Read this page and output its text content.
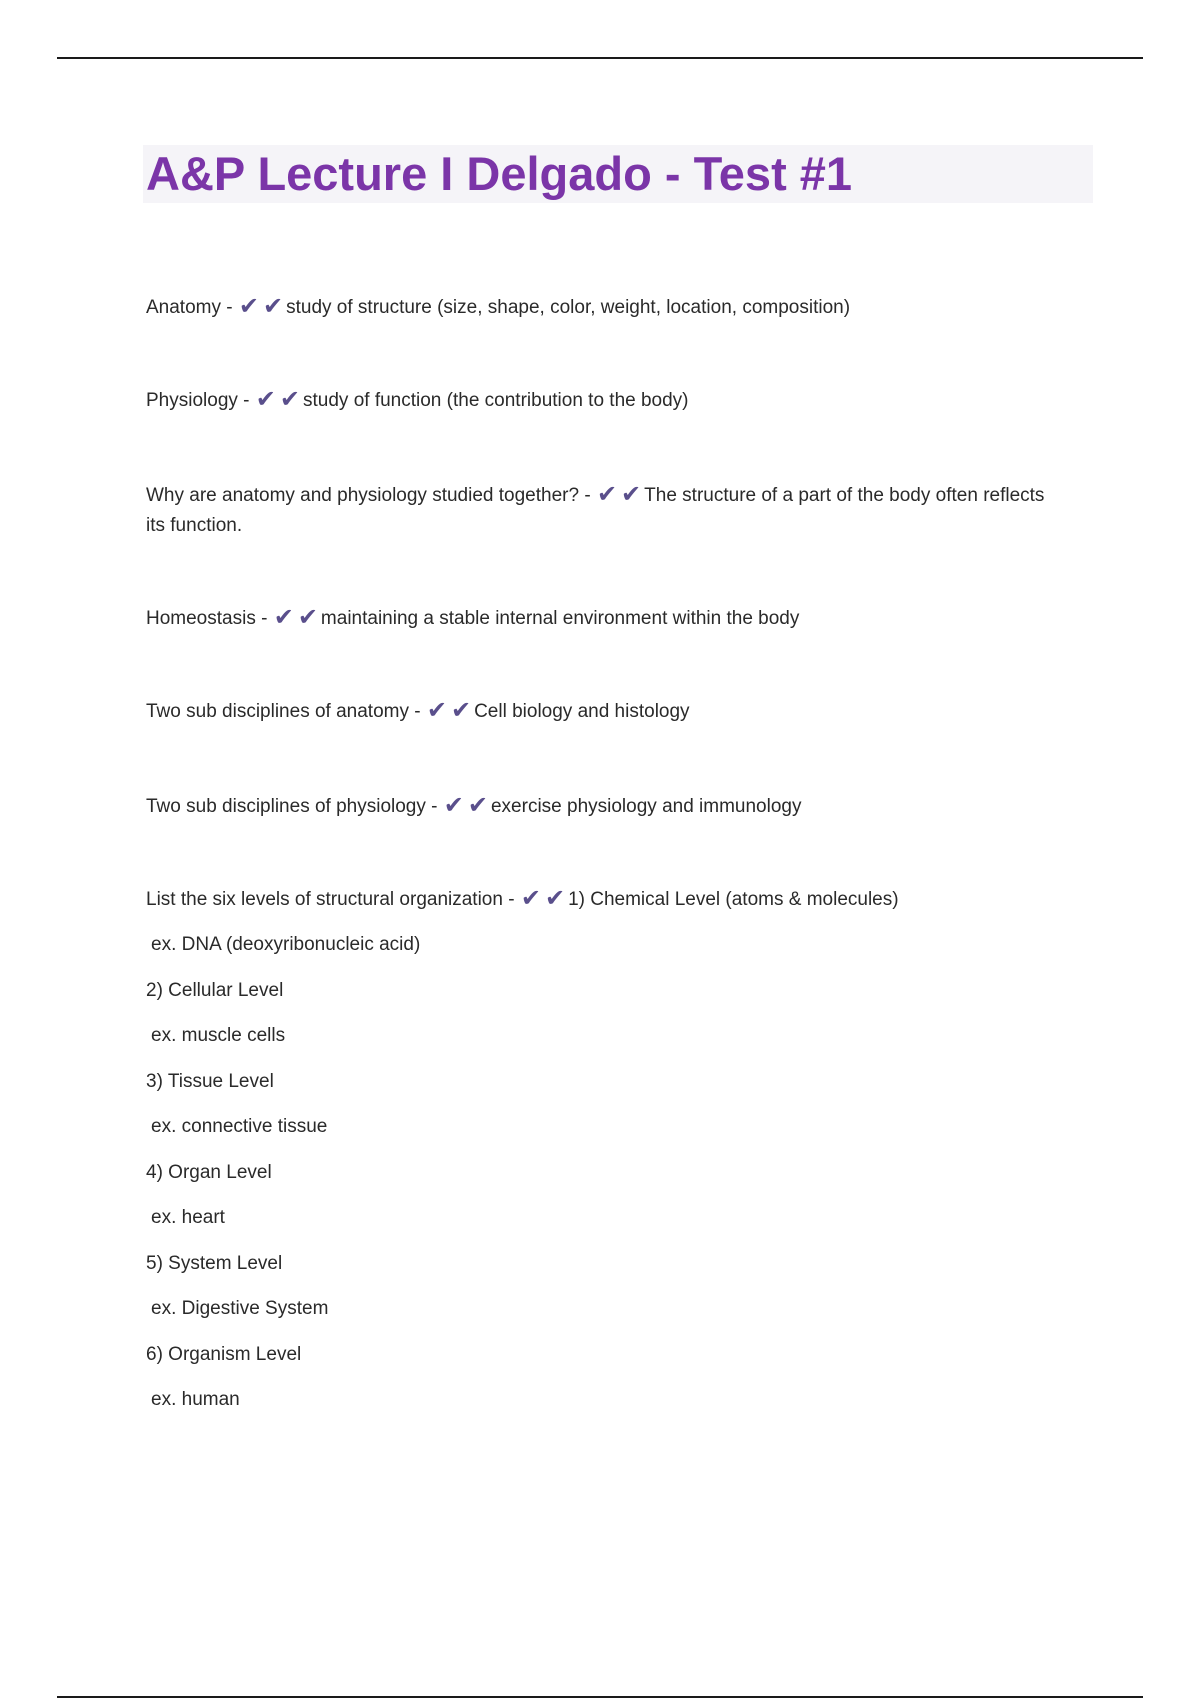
A&P Lecture I Delgado - Test #1

Anatomy - ✔ ✔ study of structure (size, shape, color, weight, location, composition)

Physiology - ✔ ✔ study of function (the contribution to the body)

Why are anatomy and physiology studied together? - ✔ ✔ The structure of a part of the body often reflects its function.

Homeostasis - ✔ ✔ maintaining a stable internal environment within the body

Two sub disciplines of anatomy - ✔ ✔ Cell biology and histology

Two sub disciplines of physiology - ✔ ✔ exercise physiology and immunology

List the six levels of structural organization - ✔ ✔ 1) Chemical Level (atoms & molecules)

ex. DNA (deoxyribonucleic acid)
2) Cellular Level
ex. muscle cells
3) Tissue Level
ex. connective tissue
4) Organ Level
ex. heart
5) System Level
ex. Digestive System
6) Organism Level
ex. human
